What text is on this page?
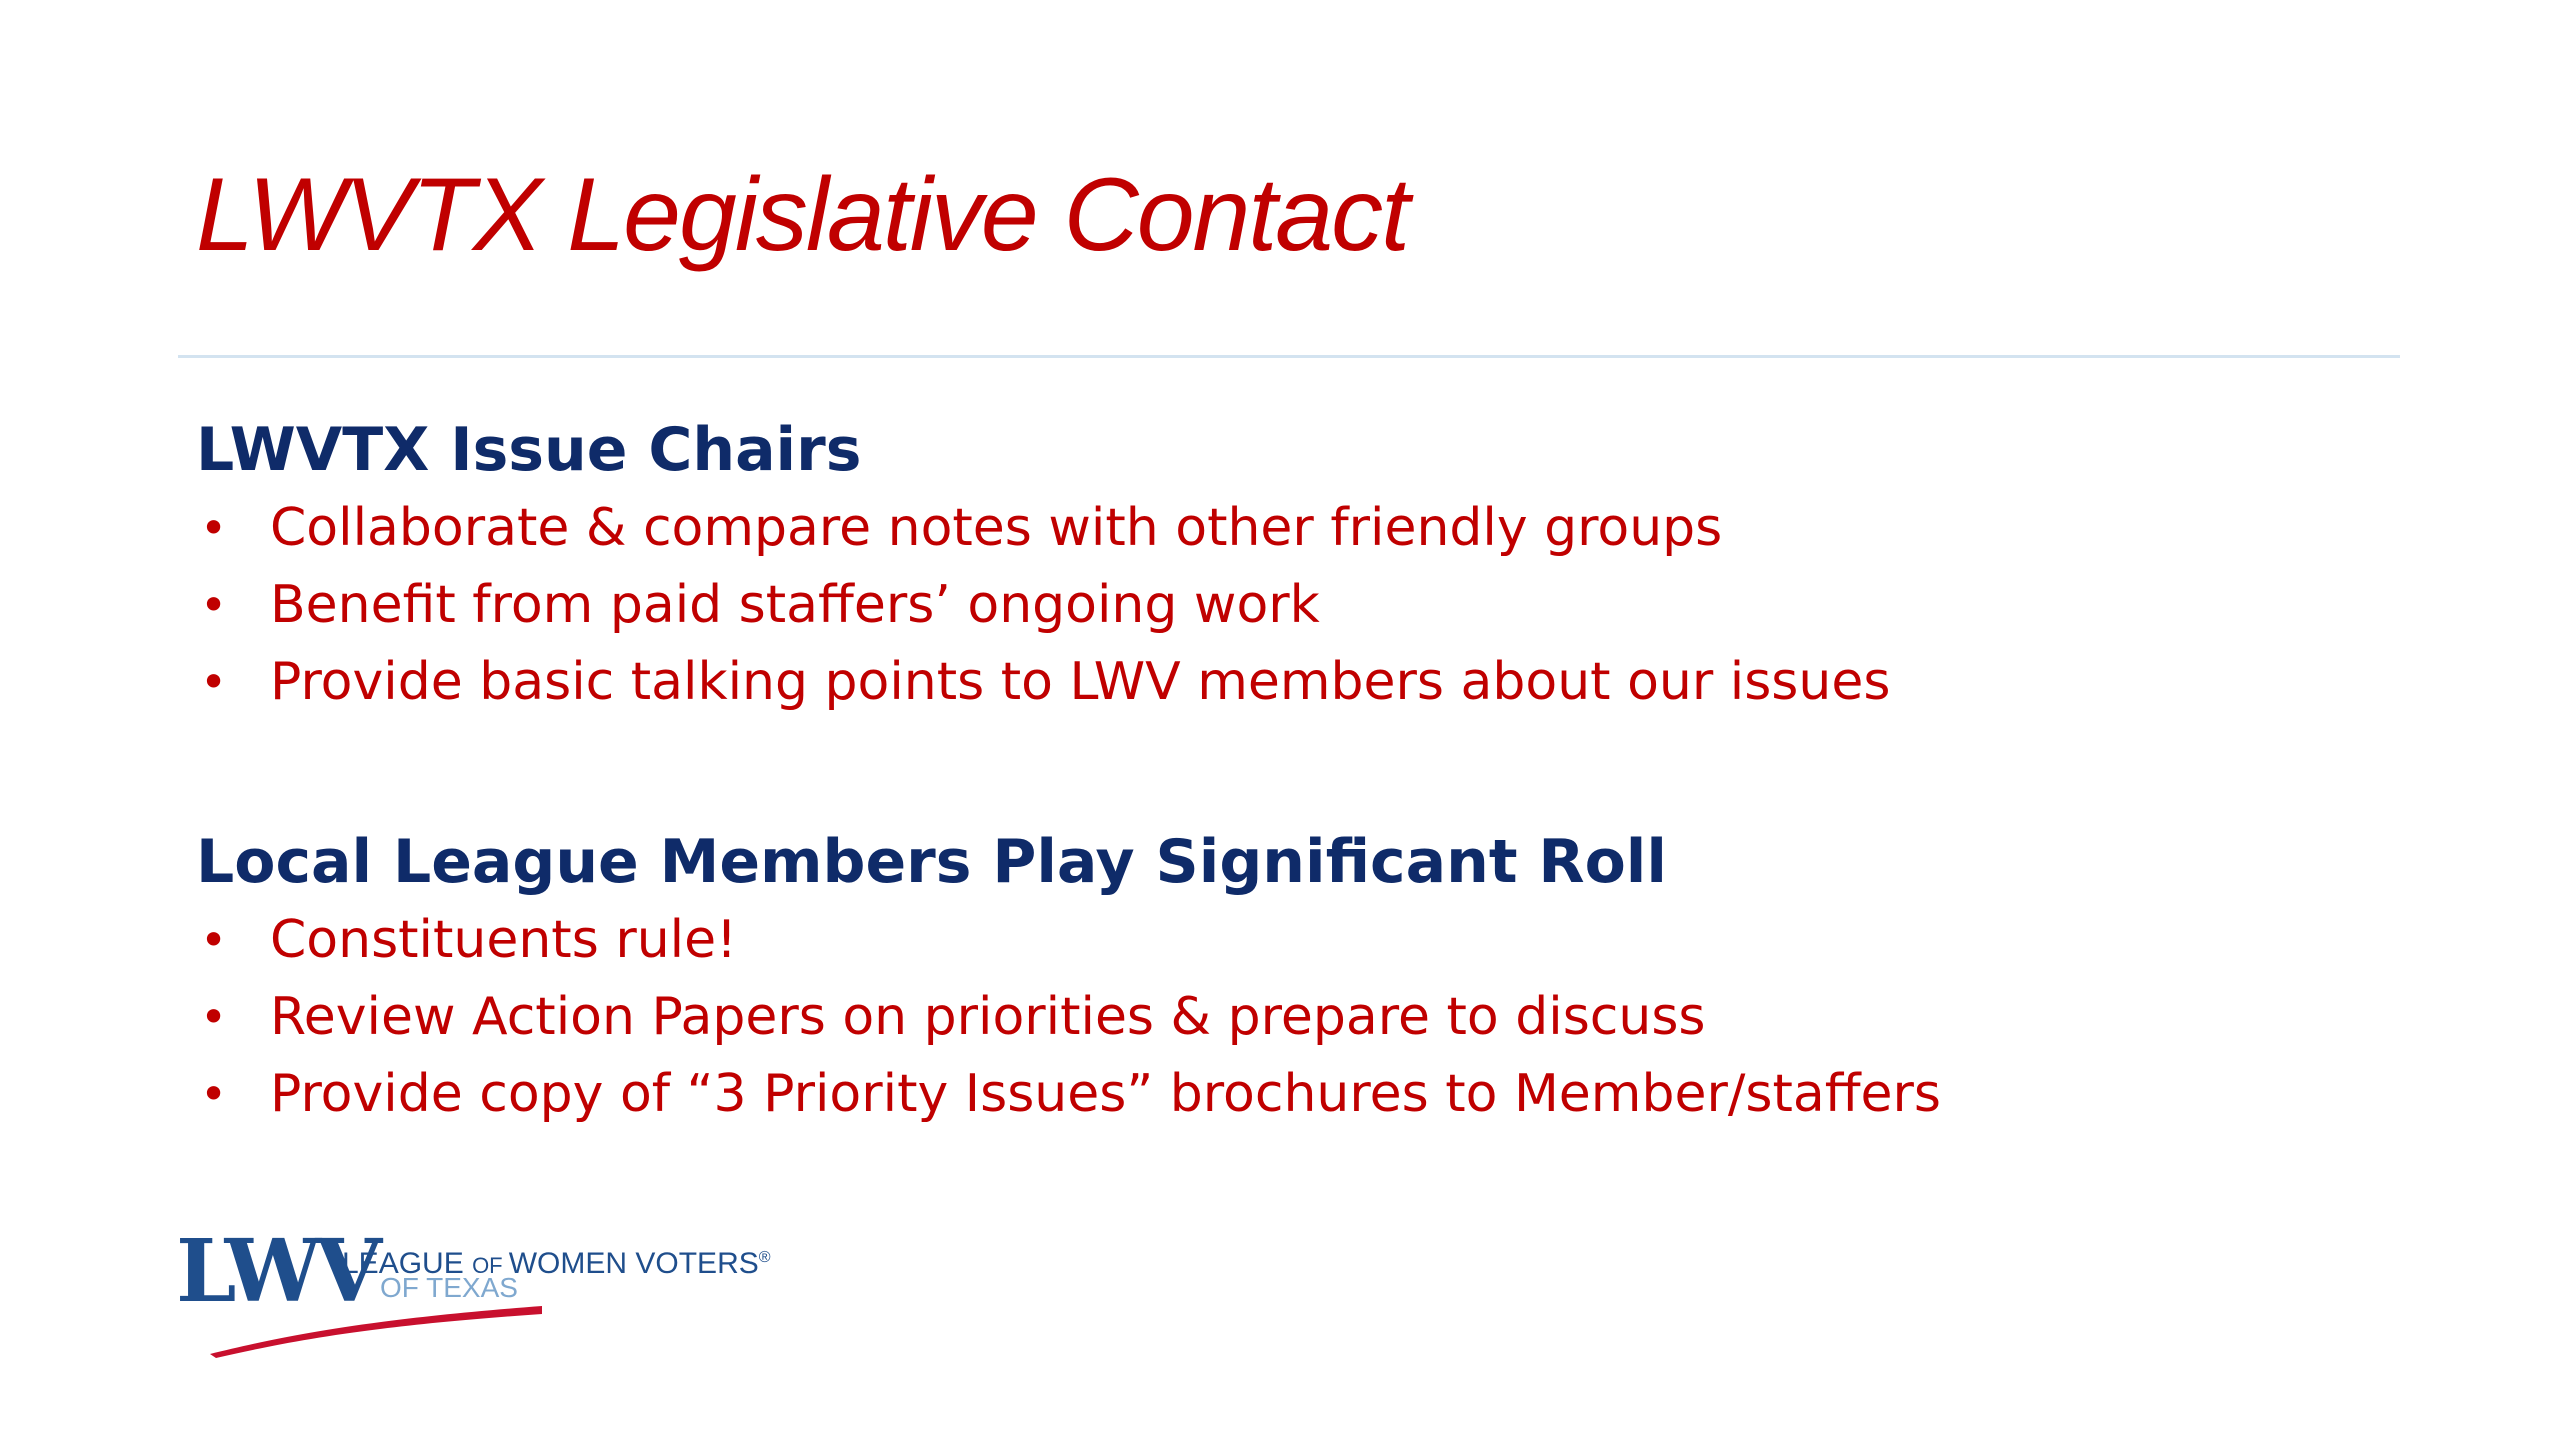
LWVTX Legislative Contact
LWVTX Issue Chairs
• Collaborate & compare notes with other friendly groups
• Benefit from paid staffers’ ongoing work
• Provide basic talking points to LWV members about our issues
Local League Members Play Significant Roll
• Constituents rule!
• Review Action Papers on priorities & prepare to discuss
• Provide copy of “3 Priority Issues” brochures to Member/staffers
LWV
LEAGUE OF WOMEN VOTERS®
OF TEXAS
